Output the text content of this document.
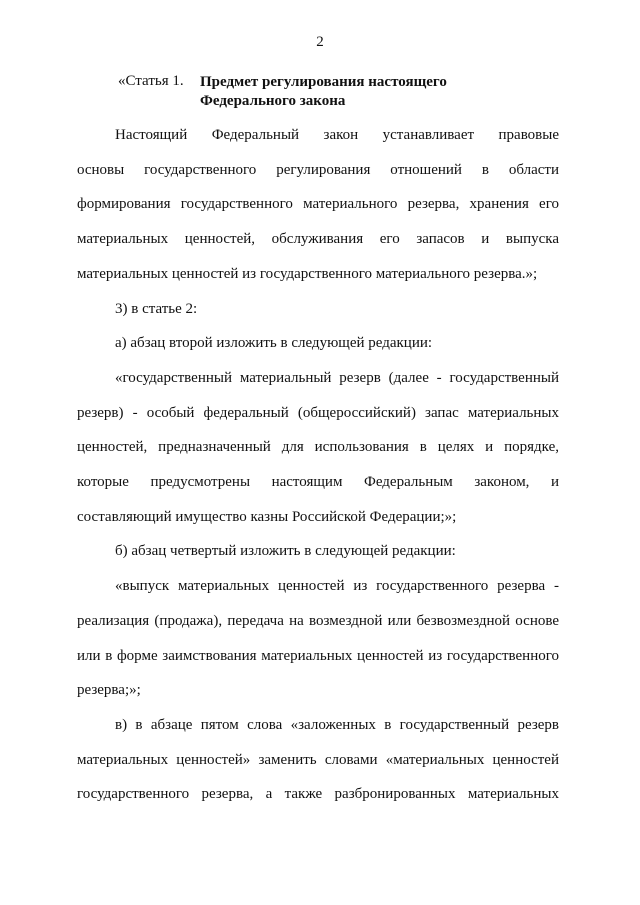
2
«Статья 1. Предмет регулирования настоящего
Федерального закона

Настоящий Федеральный закон устанавливает правовые

основы государственного регулирования отношений в области

формирования государственного материального резерва, хранения его

материальных ценностей, обслуживания его запасов и выпуска

материальных ценностей из государственного материального резерва.»;

3) в статье 2:

а) абзац второй изложить в следующей редакции:

«государственный материальный резерв (далее - государственный

резерв) - особый федеральный (общероссийский) запас материальных

ценностей, предназначенный для использования в целях и порядке,

которые предусмотрены настоящим Федеральным законом, и

составляющий имущество казны Российской Федерации;»;

б) абзац четвертый изложить в следующей редакции:

«выпуск материальных ценностей из государственного резерва -

реализация (продажа), передача на возмездной или безвозмездной основе

или в форме заимствования материальных ценностей из государственного

резерва;»;

в) в абзаце пятом слова «заложенных в государственный резерв

материальных ценностей» заменить словами «материальных ценностей

государственного резерва, а также разбронированных материальных
